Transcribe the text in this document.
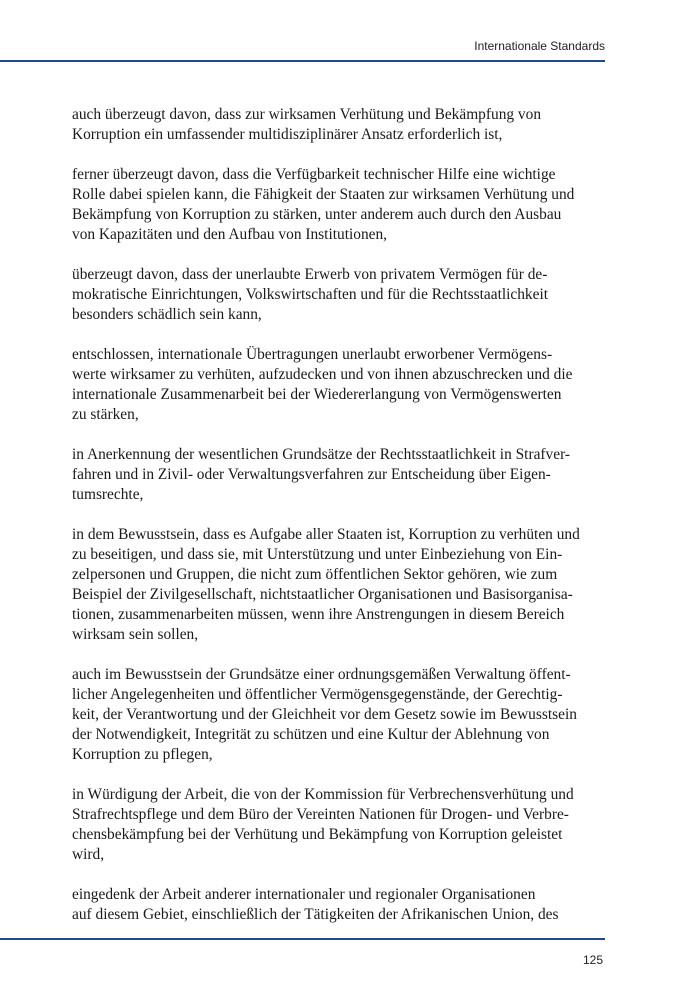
Internationale Standards

auch überzeugt davon, dass zur wirksamen Verhütung und Bekämpfung von
Korruption ein umfassender multidisziplinärer Ansatz erforderlich ist,

ferner überzeugt davon, dass die Verfügbarkeit technischer Hilfe eine wichtige
Rolle dabei spielen kann, die Fähigkeit der Staaten zur wirksamen Verhütung und
Bekämpfung von Korruption zu stärken, unter anderem auch durch den Ausbau
von Kapazitäten und den Aufbau von Institutionen,

überzeugt davon, dass der unerlaubte Erwerb von privatem Vermögen für de-
mokratische Einrichtungen, Volkswirtschaften und für die Rechtsstaatlichkeit
besonders schädlich sein kann,

entschlossen, internationale Übertragungen unerlaubt erworbener Vermögens-
werte wirksamer zu verhüten, aufzudecken und von ihnen abzuschrecken und die
internationale Zusammenarbeit bei der Wiedererlangung von Vermögenswerten
zu stärken,

in Anerkennung der wesentlichen Grundsätze der Rechtsstaatlichkeit in Strafver-
fahren und in Zivil- oder Verwaltungsverfahren zur Entscheidung über Eigen-
tumsrechte,

in dem Bewusstsein, dass es Aufgabe aller Staaten ist, Korruption zu verhüten und
zu beseitigen, und dass sie, mit Unterstützung und unter Einbeziehung von Ein-
zelpersonen und Gruppen, die nicht zum öffentlichen Sektor gehören, wie zum
Beispiel der Zivilgesellschaft, nichtstaatlicher Organisationen und Basisorganisa-
tionen, zusammenarbeiten müssen, wenn ihre Anstrengungen in diesem Bereich
wirksam sein sollen,

auch im Bewusstsein der Grundsätze einer ordnungsgemäßen Verwaltung öffent-
licher Angelegenheiten und öffentlicher Vermögensgegenstände, der Gerechtig-
keit, der Verantwortung und der Gleichheit vor dem Gesetz sowie im Bewusstsein
der Notwendigkeit, Integrität zu schützen und eine Kultur der Ablehnung von
Korruption zu pflegen,

in Würdigung der Arbeit, die von der Kommission für Verbrechensverhütung und
Strafrechtspflege und dem Büro der Vereinten Nationen für Drogen- und Verbre-
chensbekämpfung bei der Verhütung und Bekämpfung von Korruption geleistet
wird,

eingedenk der Arbeit anderer internationaler und regionaler Organisationen
auf diesem Gebiet, einschließlich der Tätigkeiten der Afrikanischen Union, des

125
